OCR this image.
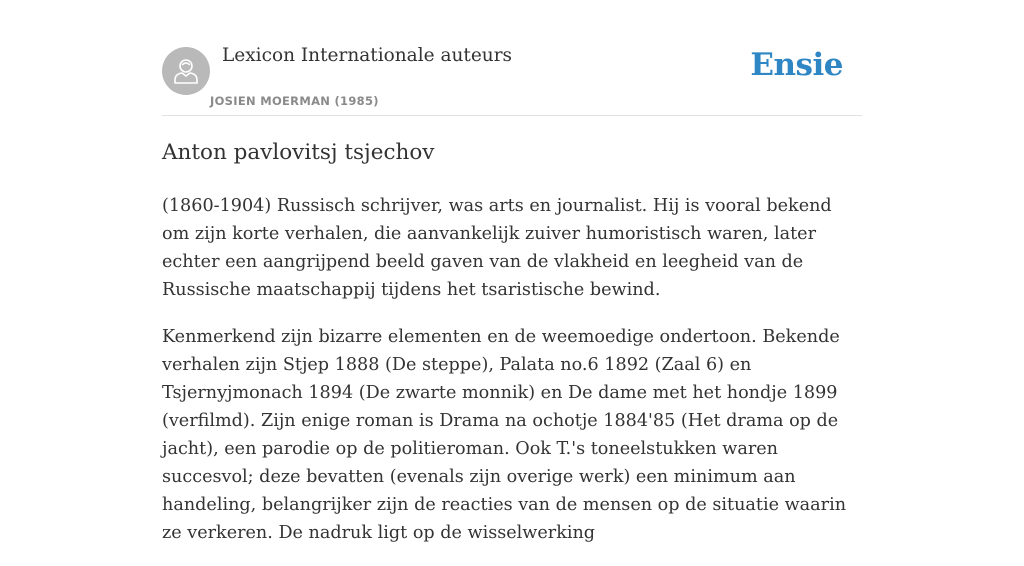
Lexicon Internationale auteurs
JOSIEN MOERMAN (1985)
Ensie
Anton pavlovitsj tsjechov

(1860-1904) Russisch schrijver, was arts en journalist. Hij is vooral bekend om zijn korte verhalen, die aanvankelijk zuiver humoristisch waren, later echter een aangrijpend beeld gaven van de vlakheid en leegheid van de Russische maatschappij tijdens het tsaristische bewind.

Kenmerkend zijn bizarre elementen en de weemoedige ondertoon. Bekende verhalen zijn Stjep 1888 (De steppe), Palata no.6 1892 (Zaal 6) en Tsjernyjmonach 1894 (De zwarte monnik) en De dame met het hondje 1899 (verfilmd). Zijn enige roman is Drama na ochotje 1884'85 (Het drama op de jacht), een parodie op de politieroman. Ook T.'s toneelstukken waren succesvol; deze bevatten (evenals zijn overige werk) een minimum aan handeling, belangrijker zijn de reacties van de mensen op de situatie waarin ze verkeren. De nadruk ligt op de wisselwerking
